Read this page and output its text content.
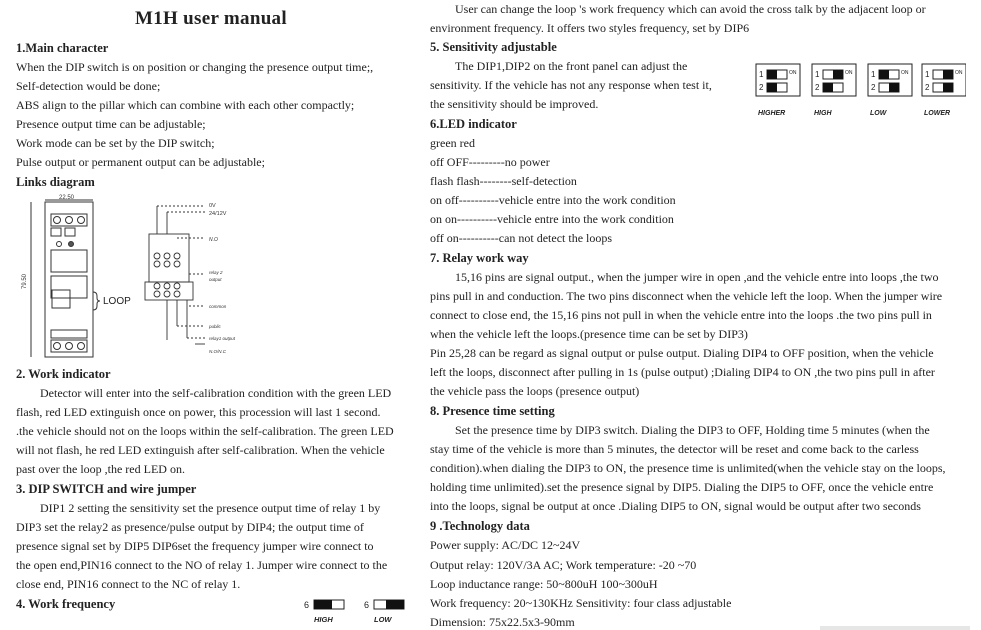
M1H user manual
1.Main character
When the DIP switch is on position or changing the presence output time;,
Self-detection would be done;
ABS align to the pillar which can combine with each other compactly;
Presence output time can be adjustable;
Work mode can be set by the DIP switch;
Pulse output or permanent output can be adjustable;
Links diagram
2. Work indicator
Detector will enter into the self-calibration condition with the green LED
flash, red LED extinguish once on power, this procession will last 1 second.
.the vehicle should not on the loops within the self-calibration. The green LED
will not flash, he red LED extinguish after self-calibration. When the vehicle
past over the loop ,the red LED on.
3. DIP SWITCH and wire jumper
DIP1 2 setting the sensitivity set the presence output time of relay 1 by
DIP3 set the relay2 as presence/pulse output by DIP4; the output time of
presence signal set by DIP5 DIP6set the frequency jumper wire connect to
the open end,PIN16 connect to the NO of relay 1. Jumper wire connect to the
close end, PIN16 connect to the NC of relay 1.
4. Work frequency
User can change the loop 's work frequency which can avoid the cross talk by the adjacent loop or
environment frequency. It offers two styles frequency, set by DIP6
5. Sensitivity adjustable
The DIP1,DIP2 on the front panel can adjust the
sensitivity. If the vehicle has not any response when test it,
the sensitivity should be improved.
6.LED indicator
green red
off OFF---------no power
flash flash--------self-detection
on off----------vehicle entre into the work condition
on on----------vehicle entre into the work condition
off on----------can not detect the loops
7. Relay work way
15,16 pins are signal output., when the jumper wire in open ,and the vehicle entre into loops ,the two
pins pull in and conduction. The two pins disconnect when the vehicle left the loop. When the jumper wire
connect to close end, the 15,16 pins not pull in when the vehicle entre into the loops .the two pins pull in
when the vehicle left the loops.(presence time can be set by DIP3)
Pin 25,28 can be regard as signal output or pulse output. Dialing DIP4 to OFF position, when the vehicle
left the loops, disconnect after pulling in 1s (pulse output) ;Dialing DIP4 to ON ,the two pins pull in after
the vehicle pass the loops (presence output)
8. Presence time setting
Set the presence time by DIP3 switch. Dialing the DIP3 to OFF, Holding time 5 minutes (when the
stay time of the vehicle is more than 5 minutes, the detector will be reset and come back to the carless
condition).when dialing the DIP3 to ON, the presence time is unlimited(when the vehicle stay on the loops,
holding time unlimited).set the presence signal by DIP5. Dialing the DIP5 to OFF, once the vehicle entre
into the loops, signal be output at once .Dialing DIP5 to ON, signal would be output after two seconds
9 .Technology data
Power supply: AC/DC 12~24V
Output relay: 120V/3A AC; Work temperature: -20 ~70
Loop inductance range: 50~800uH 100~300uH
Work frequency: 20~130KHz Sensitivity: four class adjustable
Dimension: 75x22.5x3-90mm
22.50
79.50
LOOP
0V
24/12V
N.O
relay 2
output
common
public
relay1 output
N.O/N.C
1
2
ON
HIGHER
1
2
ON
HIGH
1
2
ON
LOW
1
2
ON
LOWER
6
HIGH
6
LOW
